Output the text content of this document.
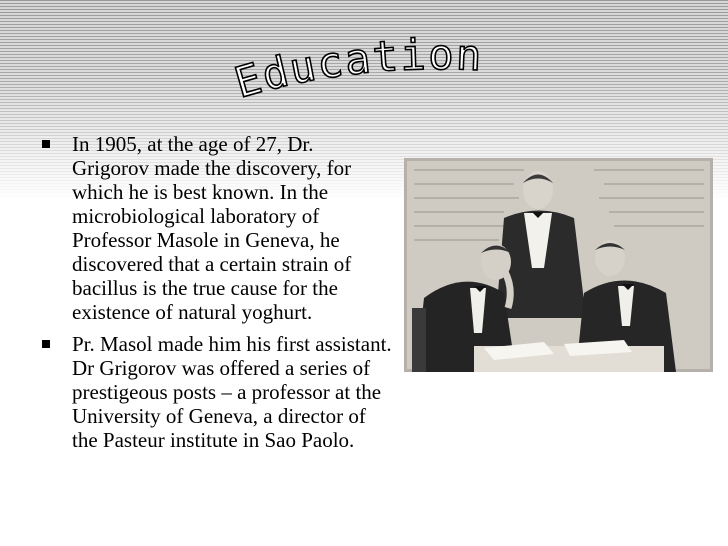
Education
In 1905, at the age of 27, Dr. Grigorov made the discovery, for which he is best known. In the microbiological laboratory of Professor Masole in Geneva, he discovered that a certain strain of bacillus is the true cause for the existence of natural yoghurt.
Pr. Masol made him his first assistant. Dr Grigorov was offered a series of prestigeous posts – a professor at the University of Geneva, a director of the Pasteur institute in Sao Paolo.
